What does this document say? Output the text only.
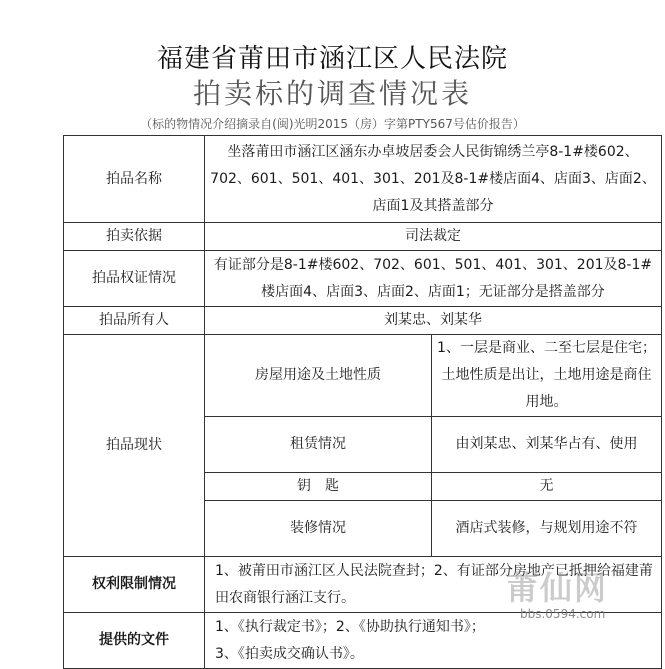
福建省莆田市涵江区人民法院
拍卖标的调查情况表
（标的物情况介绍摘录自(闽)光明2015（房）字第PTY567号估价报告）
拍品名称	坐落莆田市涵江区涵东办卓坡居委会人民街锦绣兰亭8-1#楼602、702、601、501、401、301、201及8-1#楼店面4、店面3、店面2、店面1及其搭盖部分	
拍卖依据	司法裁定	
拍品权证情况	有证部分是8-1#楼602、702、601、501、401、301、201及8-1#楼店面4、店面3、店面2、店面1；无证部分是搭盖部分	
拍品所有人	刘某忠、刘某华	
拍品现状	房屋用途及土地性质	1、一层是商业、二至七层是住宅；土地性质是出让，土地用途是商住用地。
	租赁情况	由刘某忠、刘某华占有、使用
	钥　匙	无
	装修情况	酒店式装修，与规划用途不符
权利限制情况	1、被莆田市涵江区人民法院查封；2、有证部分房地产已抵押给福建莆田农商银行涵江支行。	
提供的文件	1、《执行裁定书》；2、《协助执行通知书》；
3、《拍卖成交确认书》。	
莆仙网
bbs.0594.com
